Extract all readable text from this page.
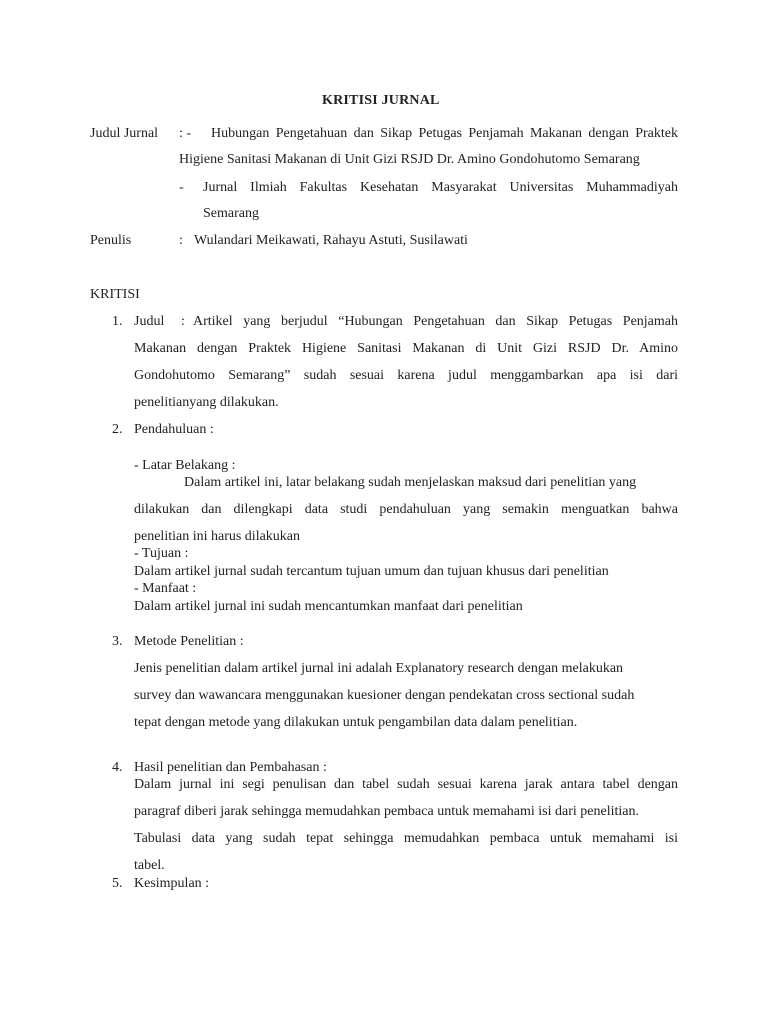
KRITISI JURNAL
Judul Jurnal : - Hubungan Pengetahuan dan Sikap Petugas Penjamah Makanan dengan Praktek
Higiene Sanitasi Makanan di Unit Gizi RSJD Dr. Amino Gondohutomo Semarang
- Jurnal Ilmiah Fakultas Kesehatan Masyarakat Universitas Muhammadiyah
Semarang
Penulis	: Wulandari Meikawati, Rahayu Astuti, Susilawati
KRITISI
1. Judul : Artikel yang berjudul “Hubungan Pengetahuan dan Sikap Petugas Penjamah
Makanan dengan Praktek Higiene Sanitasi Makanan di Unit Gizi RSJD Dr. Amino
Gondohutomo Semarang” sudah sesuai karena judul menggambarkan apa isi dari
penelitianyang dilakukan.
2. Pendahuluan :
- Latar Belakang :
Dalam artikel ini, latar belakang sudah menjelaskan maksud dari penelitian yang
dilakukan dan dilengkapi data studi pendahuluan yang semakin menguatkan bahwa
penelitian ini harus dilakukan
- Tujuan :
Dalam artikel jurnal sudah tercantum tujuan umum dan tujuan khusus dari penelitian
- Manfaat :
Dalam artikel jurnal ini sudah mencantumkan manfaat dari penelitian
3. Metode Penelitian :
Jenis penelitian dalam artikel jurnal ini adalah Explanatory research dengan melakukan
survey dan wawancara menggunakan kuesioner dengan pendekatan cross sectional sudah
tepat dengan metode yang dilakukan untuk pengambilan data dalam penelitian.
4. Hasil penelitian dan Pembahasan :
Dalam jurnal ini segi penulisan dan tabel sudah sesuai karena jarak antara tabel dengan
paragraf diberi jarak sehingga memudahkan pembaca untuk memahami isi dari penelitian.
Tabulasi data yang sudah tepat sehingga memudahkan pembaca untuk memahami isi
tabel.
5. Kesimpulan :
